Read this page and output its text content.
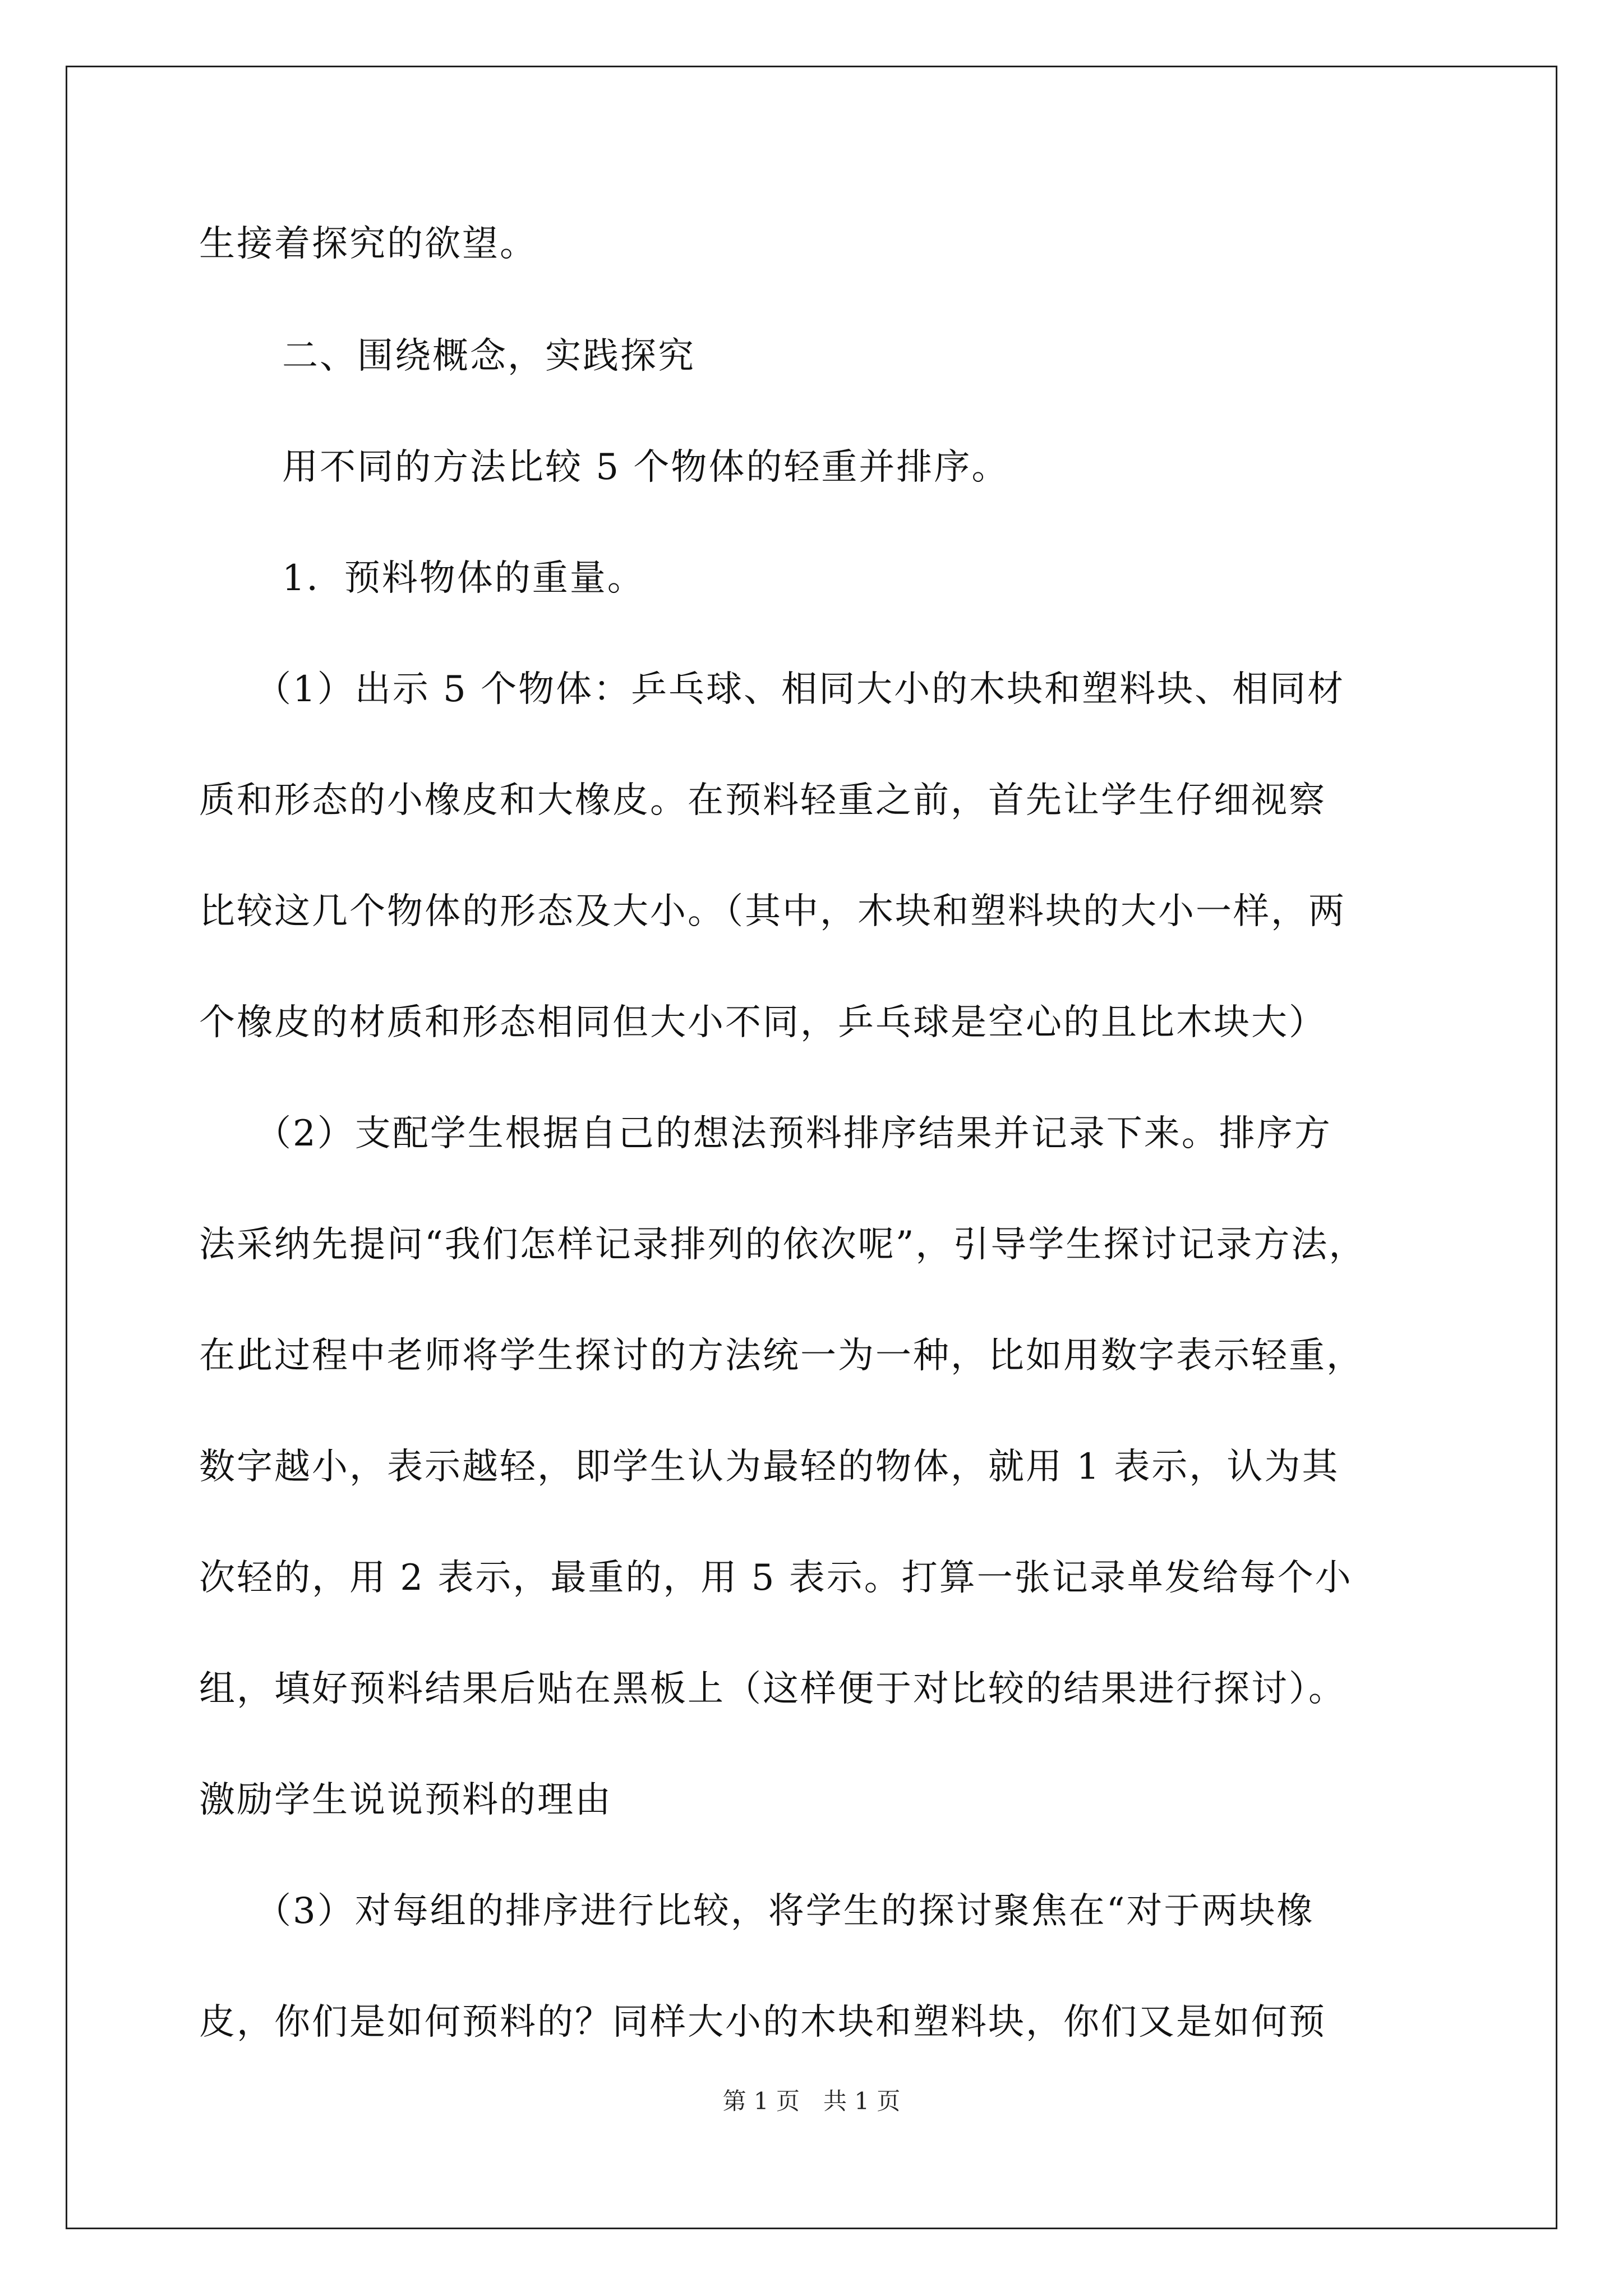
生接着探究的欲望。
二、围绕概念，实践探究
用不同的方法比较 5 个物体的轻重并排序。
1．预料物体的重量。
（1）出示 5 个物体：乒乓球、相同大小的木块和塑料块、相同材
质和形态的小橡皮和大橡皮。在预料轻重之前，首先让学生仔细视察
比较这几个物体的形态及大小。（其中，木块和塑料块的大小一样，两
个橡皮的材质和形态相同但大小不同，乒乓球是空心的且比木块大）
（2）支配学生根据自己的想法预料排序结果并记录下来。排序方
法采纳先提问“我们怎样记录排列的依次呢”，引导学生探讨记录方法，
在此过程中老师将学生探讨的方法统一为一种，比如用数字表示轻重，
数字越小，表示越轻，即学生认为最轻的物体，就用 1 表示，认为其
次轻的，用 2 表示，最重的，用 5 表示。打算一张记录单发给每个小
组，填好预料结果后贴在黑板上（这样便于对比较的结果进行探讨）。
激励学生说说预料的理由
（3）对每组的排序进行比较，将学生的探讨聚焦在“对于两块橡
皮，你们是如何预料的？同样大小的木块和塑料块，你们又是如何预
第 1 页　共 1 页
